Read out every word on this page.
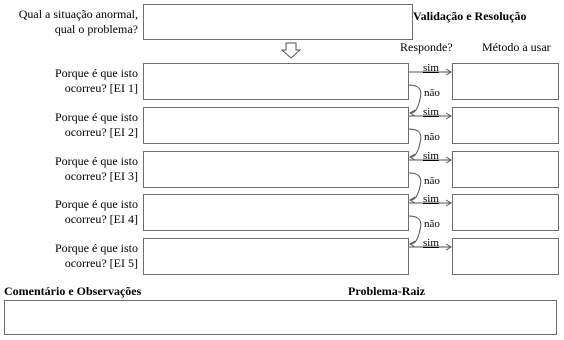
Qual a situação anormal,
qual o problema?
Validação e Resolução
Responde? Método a usar
Porque é que isto
ocorreu? [EI 1]
sim
não
Porque é que isto
ocorreu? [EI 2]
sim
não
Porque é que isto
ocorreu? [EI 3]
sim
não
Porque é que isto
ocorreu? [EI 4]
sim
não
Porque é que isto
ocorreu? [EI 5]
sim
Comentário e Observações	Problema-Raiz
